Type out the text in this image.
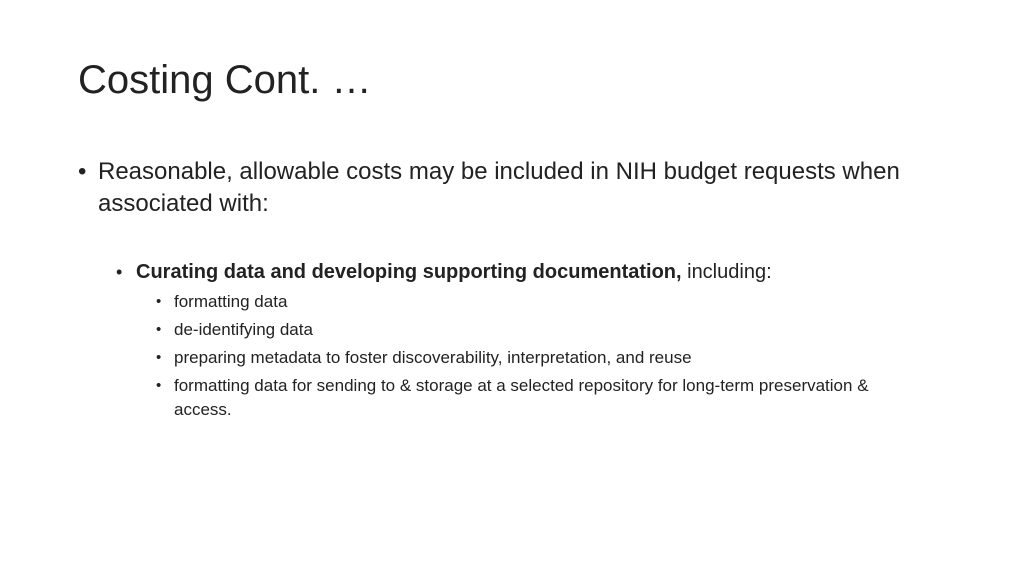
Costing Cont. …
• Reasonable, allowable costs may be included in NIH budget requests when associated with:
• Curating data and developing supporting documentation, including:
• formatting data
• de-identifying data
• preparing metadata to foster discoverability, interpretation, and reuse
• formatting data for sending to & storage at a selected repository for long-term preservation & access.
